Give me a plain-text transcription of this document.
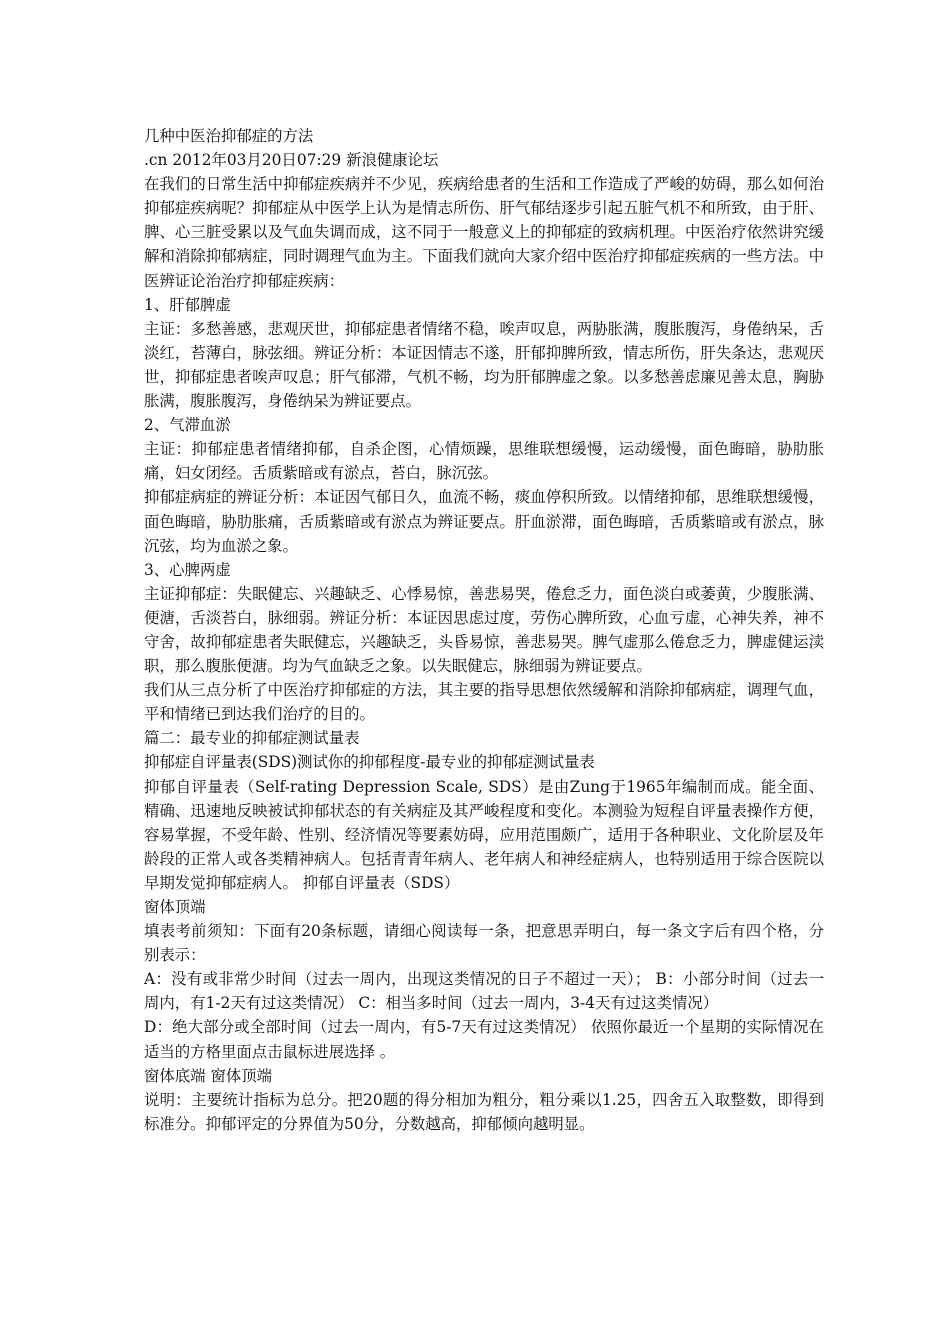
几种中医治抑郁症的方法

.cn 2012年03月20日07:29 新浪健康论坛

在我们的日常生活中抑郁症疾病并不少见，疾病给患者的生活和工作造成了严峻的妨碍，那么如何治抑郁症疾病呢？抑郁症从中医学上认为是情志所伤、肝气郁结逐步引起五脏气机不和所致，由于肝、脾、心三脏受累以及气血失调而成，这不同于一般意义上的抑郁症的致病机理。中医治疗依然讲究缓解和消除抑郁病症，同时调理气血为主。下面我们就向大家介绍中医治疗抑郁症疾病的一些方法。中医辨证论治治疗抑郁症疾病：

1、肝郁脾虚

主证：多愁善感，悲观厌世，抑郁症患者情绪不稳，唉声叹息，两胁胀满，腹胀腹泻，身倦纳呆，舌淡红，苔薄白，脉弦细。辨证分析：本证因情志不遂，肝郁抑脾所致，情志所伤，肝失条达，悲观厌世，抑郁症患者唉声叹息；肝气郁滞，气机不畅，均为肝郁脾虚之象。以多愁善虑廉见善太息，胸胁胀满，腹胀腹泻，身倦纳呆为辨证要点。

2、气滞血淤

主证：抑郁症患者情绪抑郁，自杀企图，心情烦躁，思维联想缓慢，运动缓慢，面色晦暗，胁肋胀痛，妇女闭经。舌质紫暗或有淤点，苔白，脉沉弦。

抑郁症病症的辨证分析：本证因气郁日久，血流不畅，痰血停积所致。以情绪抑郁，思维联想缓慢，面色晦暗，胁肋胀痛，舌质紫暗或有淤点为辨证要点。肝血淤滞，面色晦暗，舌质紫暗或有淤点，脉沉弦，均为血淤之象。

3、心脾两虚

主证抑郁症：失眠健忘、兴趣缺乏、心悸易惊，善悲易哭，倦怠乏力，面色淡白或萎黄，少腹胀满、便溏，舌淡苔白，脉细弱。辨证分析：本证因思虑过度，劳伤心脾所致，心血亏虚，心神失养，神不守舍，故抑郁症患者失眠健忘，兴趣缺乏，头昏易惊，善悲易哭。脾气虚那么倦怠乏力，脾虚健运渎职，那么腹胀便溏。均为气血缺乏之象。以失眠健忘，脉细弱为辨证要点。

我们从三点分析了中医治疗抑郁症的方法，其主要的指导思想依然缓解和消除抑郁病症，调理气血，平和情绪已到达我们治疗的目的。

篇二：最专业的抑郁症测试量表

抑郁症自评量表(SDS)测试你的抑郁程度-最专业的抑郁症测试量表

抑郁自评量表（Self-rating Depression Scale, SDS）是由Zung于1965年编制而成。能全面、精确、迅速地反映被试抑郁状态的有关病症及其严峻程度和变化。本测验为短程自评量表操作方便，容易掌握，不受年龄、性别、经济情况等要素妨碍，应用范围颇广，适用于各种职业、文化阶层及年龄段的正常人或各类精神病人。包括青青年病人、老年病人和神经症病人，也特别适用于综合医院以早期发觉抑郁症病人。 抑郁自评量表（SDS）

窗体顶端

填表考前须知：下面有20条标题，请细心阅读每一条，把意思弄明白，每一条文字后有四个格，分别表示：

A：没有或非常少时间（过去一周内，出现这类情况的日子不超过一天）； B：小部分时间（过去一周内，有1-2天有过这类情况） C：相当多时间（过去一周内，3-4天有过这类情况）

D：绝大部分或全部时间（过去一周内，有5-7天有过这类情况） 依照你最近一个星期的实际情况在适当的方格里面点击鼠标进展选择 。

窗体底端 窗体顶端

说明：主要统计指标为总分。把20题的得分相加为粗分，粗分乘以1.25，四舍五入取整数，即得到标准分。抑郁评定的分界值为50分，分数越高，抑郁倾向越明显。
